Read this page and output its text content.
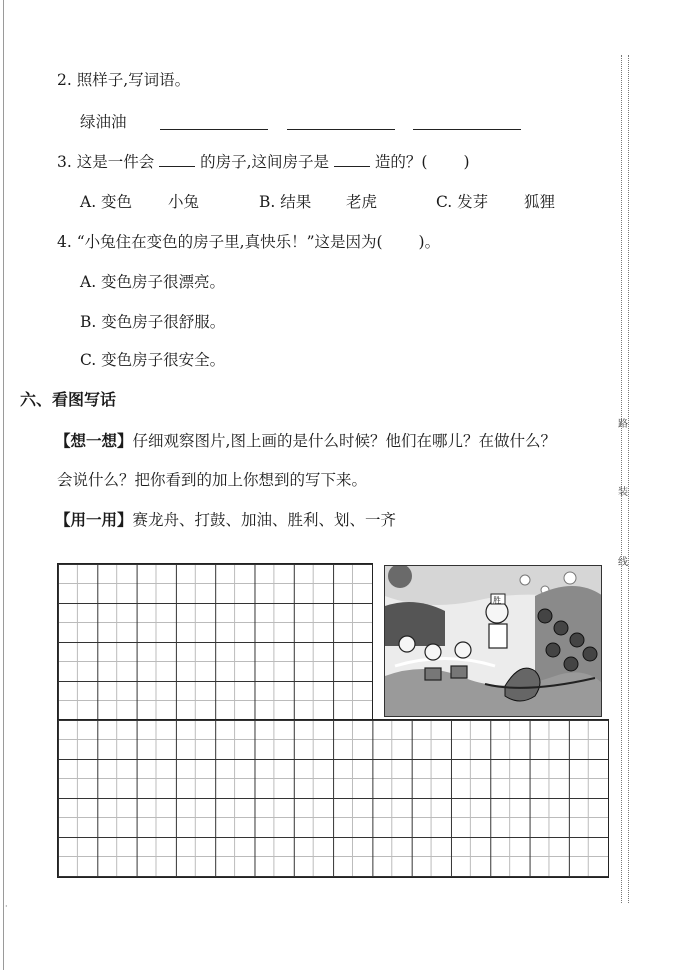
路
装
线
2. 照样子,写词语。
绿油油
3. 这是一件会	的房子,这间房子是	造的？( )
A. 变色 小兔	B. 结果 老虎	C. 发芽 狐狸
4. “小兔住在变色的房子里,真快乐！”这是因为( )。
A. 变色房子很漂亮。
B. 变色房子很舒服。
C. 变色房子很安全。
六、看图写话
【想一想】仔细观察图片,图上画的是什么时候？他们在哪儿？在做什么？
会说什么？把你看到的加上你想到的写下来。
【用一用】赛龙舟、打鼓、加油、胜利、划、一齐
胜
·
